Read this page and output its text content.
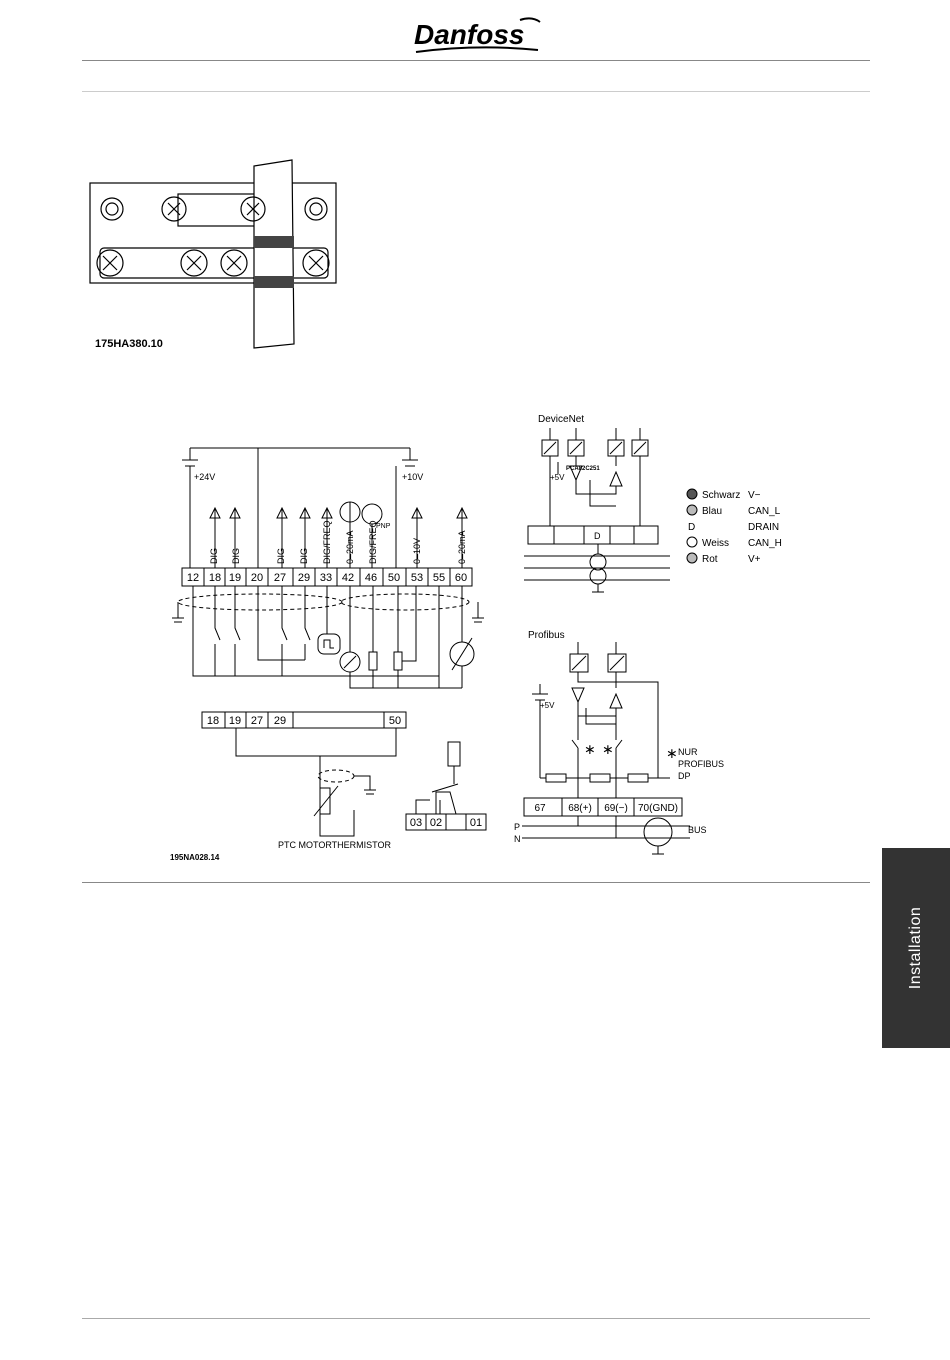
Danfoss
175HA380.10
+24V	+10V
PNP
DIG DIG	DIG DIG DIG/FREQ 0–20mA DIG/FREQ	0–10V	0–20mA
12 18 19 20 27 29 33 42 46 50 53 55 60
18 19 27 29	50
03 02	01
PTC MOTORTHERMISTOR
195NA028.14
DeviceNet
+5V
PCA82C251
D
Schwarz V−
Blau	CAN_L
D	DRAIN
Weiss CAN_H
Rot	V+
Profibus
+5V
∗ ∗	∗ NUR
PROFIBUS
DP
P
N
BUS
67 68(+) 69(−) 70(GND)
Installation
